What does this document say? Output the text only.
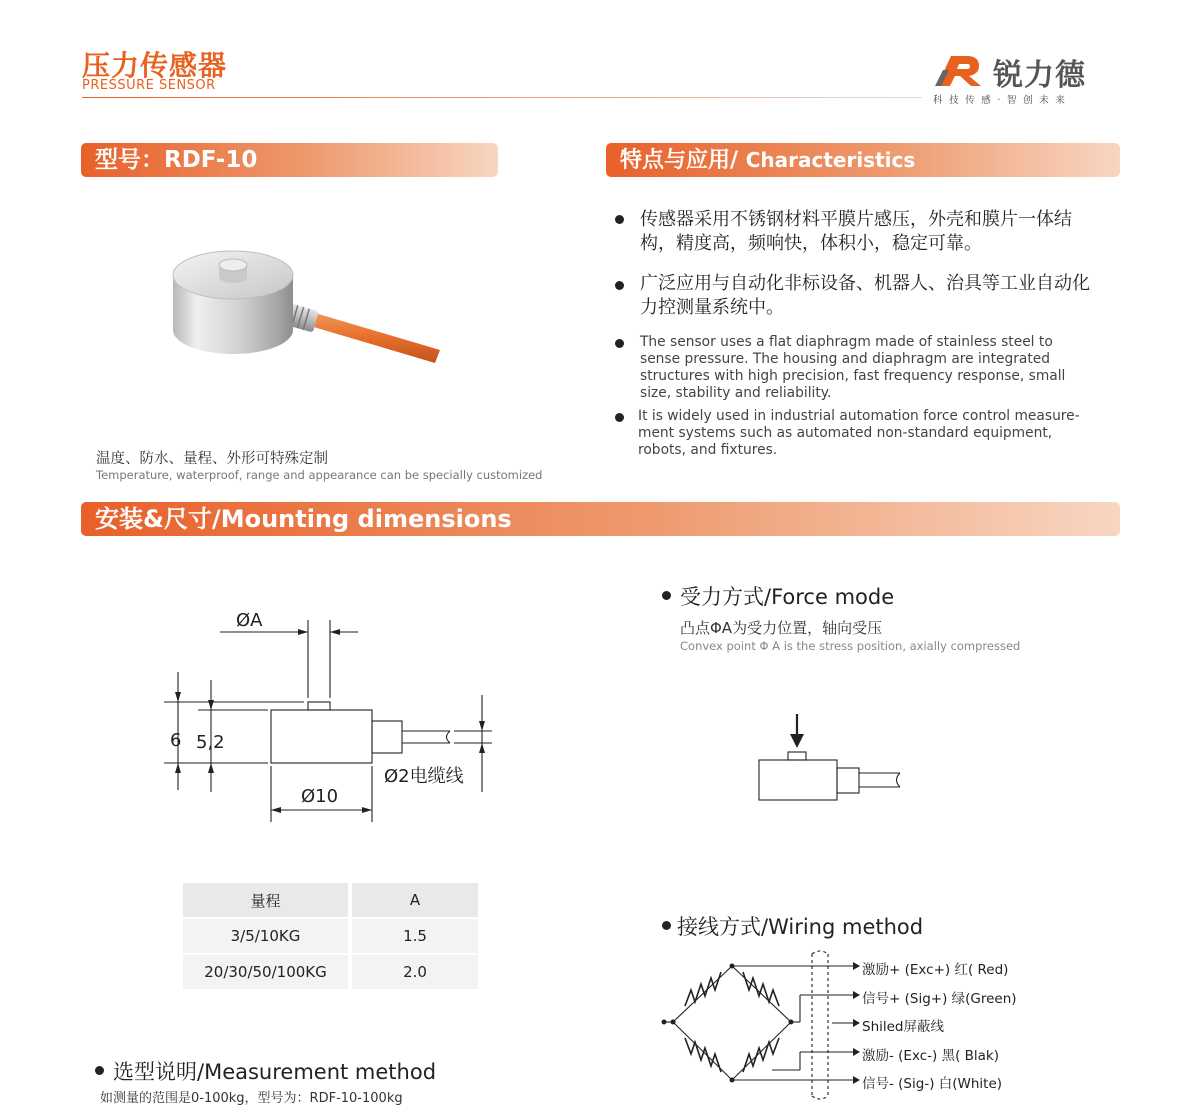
压力传感器
PRESSURE SENSOR	锐力德
科技传感·智创未来
型号：RDF-10	特点与应用/ Characteristics
安装&尺寸/Mounting dimensions
温度、防水、量程、外形可特殊定制
Temperature, waterproof, range and appearance can be specially customized
传感器采用不锈钢材料平膜片感压，外壳和膜片一体结构，精度高，频响快，体积小，稳定可靠。
广泛应用与自动化非标设备、机器人、治具等工业自动化力控测量系统中。
The sensor uses a flat diaphragm made of stainless steel to sense pressure. The housing and diaphragm are integrated structures with high precision, fast frequency response, small size, stability and reliability.
It is widely used in industrial automation force control measure-ment systems such as automated non-standard equipment, robots, and fixtures.
ØA
6 5,2
Ø10
Ø2电缆线
受力方式/Force mode
凸点ΦA为受力位置，轴向受压
Convex point Φ A is the stress position, axially compressed
量程	A
3/5/10KG	1.5
20/30/50/100KG	2.0
接线方式/Wiring method
激励+ (Exc+) 红( Red)
信号+ (Sig+) 绿(Green)
Shiled屏蔽线
激励- (Exc-) 黑( Blak)
信号- (Sig-) 白(White)
选型说明/Measurement method
如测量的范围是0-100kg，型号为：RDF-10-100kg
